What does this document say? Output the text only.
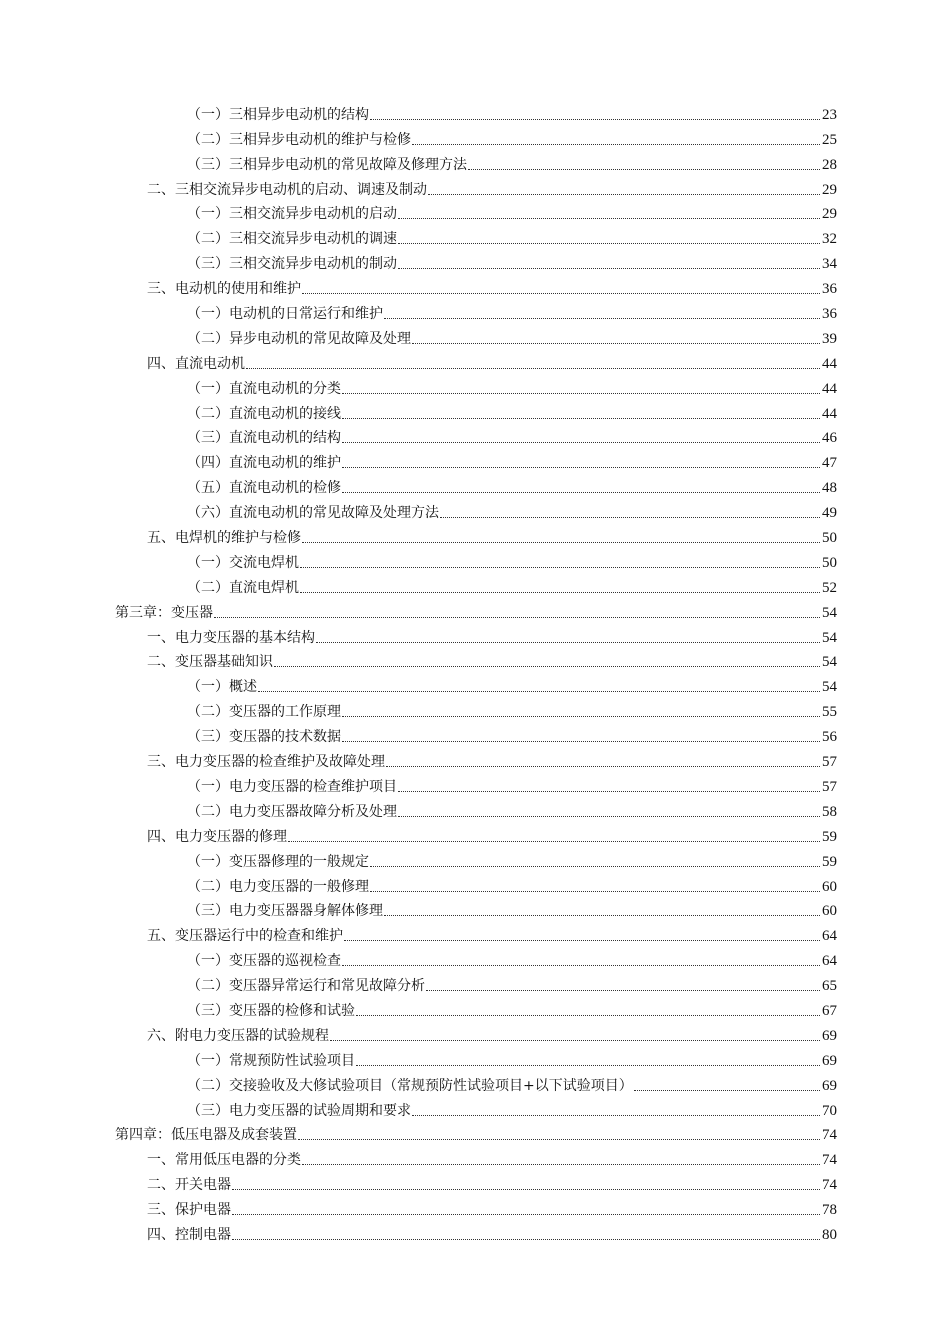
（一）三相异步电动机的结构	23
（二）三相异步电动机的维护与检修	25
（三）三相异步电动机的常见故障及修理方法	28
二、三相交流异步电动机的启动、调速及制动	29
（一）三相交流异步电动机的启动	29
（二）三相交流异步电动机的调速	32
（三）三相交流异步电动机的制动	34
三、电动机的使用和维护	36
（一）电动机的日常运行和维护	36
（二）异步电动机的常见故障及处理	39
四、直流电动机	44
（一）直流电动机的分类	44
（二）直流电动机的接线	44
（三）直流电动机的结构	46
（四）直流电动机的维护	47
（五）直流电动机的检修	48
（六）直流电动机的常见故障及处理方法	49
五、电焊机的维护与检修	50
（一）交流电焊机	50
（二）直流电焊机	52
第三章：变压器	54
一、电力变压器的基本结构	54
二、变压器基础知识	54
（一）概述	54
（二）变压器的工作原理	55
（三）变压器的技术数据	56
三、电力变压器的检查维护及故障处理	57
（一）电力变压器的检查维护项目	57
（二）电力变压器故障分析及处理	58
四、电力变压器的修理	59
（一）变压器修理的一般规定	59
（二）电力变压器的一般修理	60
（三）电力变压器器身解体修理	60
五、变压器运行中的检查和维护	64
（一）变压器的巡视检查	64
（二）变压器异常运行和常见故障分析	65
（三）变压器的检修和试验	67
六、附电力变压器的试验规程	69
（一）常规预防性试验项目	69
（二）交接验收及大修试验项目（常规预防性试验项目+以下试验项目）	69
（三）电力变压器的试验周期和要求	70
第四章：低压电器及成套装置	74
一、常用低压电器的分类	74
二、开关电器	74
三、保护电器	78
四、控制电器	80
